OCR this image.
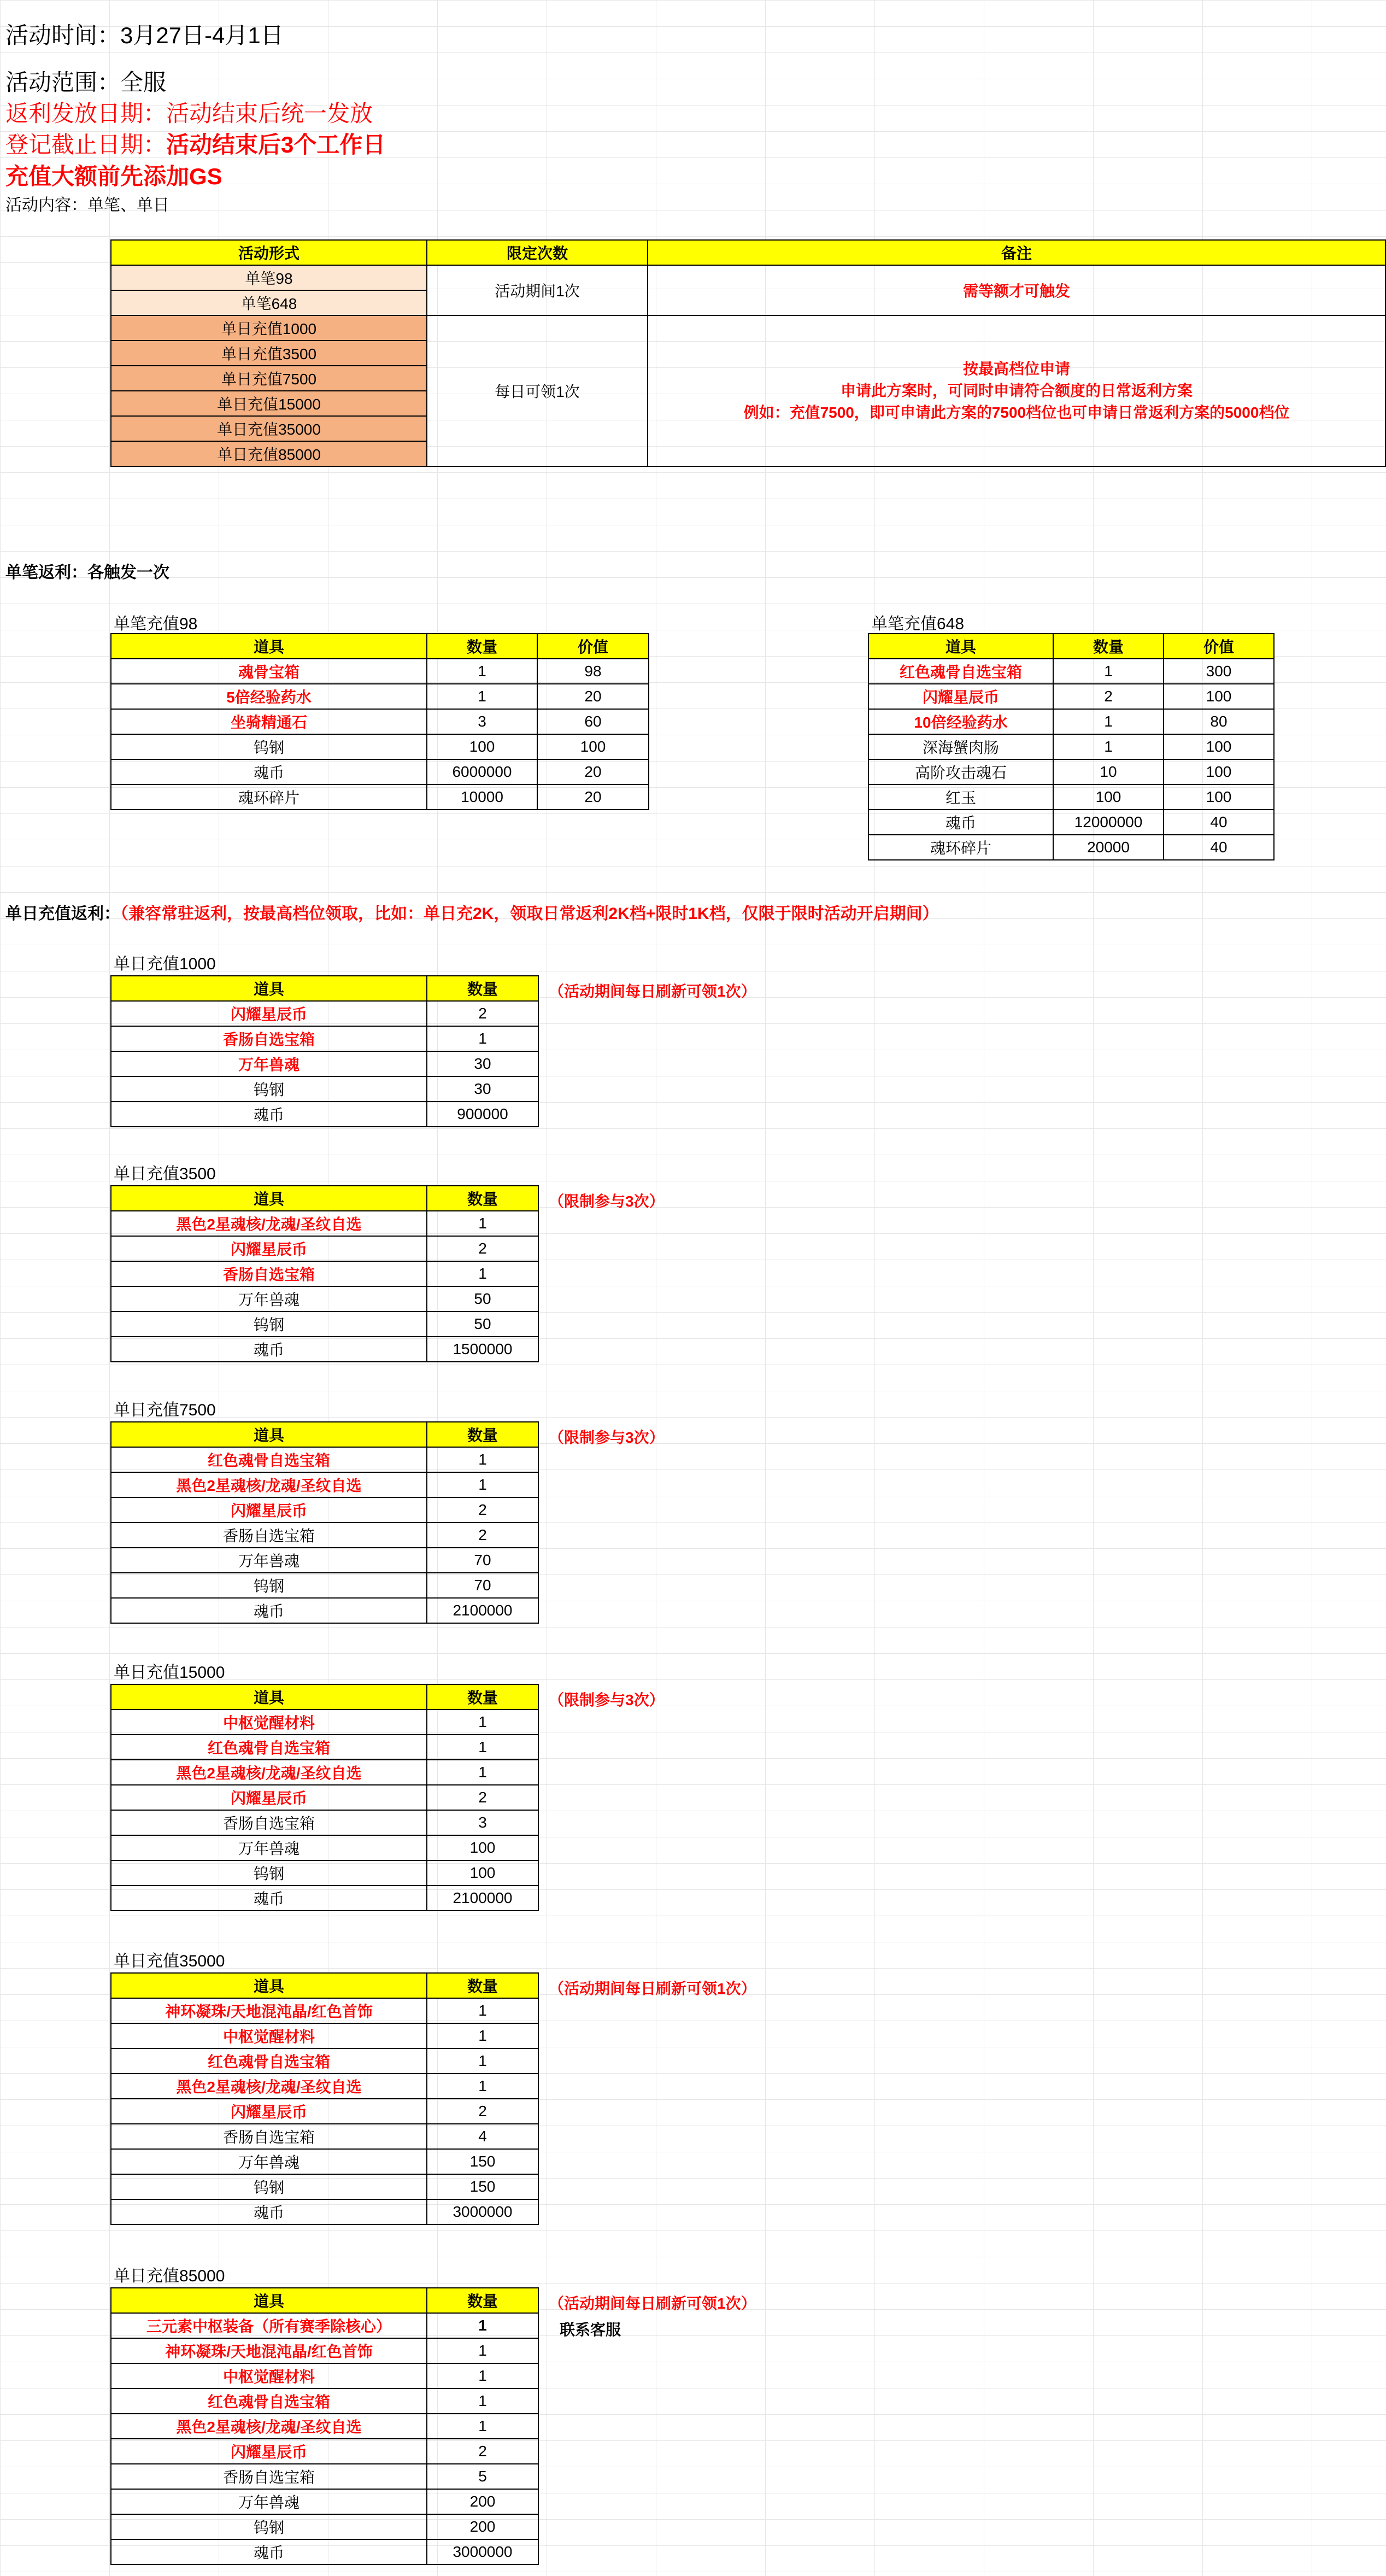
活动时间：3月27日-4月1日
活动范围：全服
返利发放日期：活动结束后统一发放
登记截止日期：活动结束后3个工作日
充值大额前先添加GS
活动内容：单笔、单日
活动形式	限定次数	备注
单笔98	活动期间1次	需等额才可触发
单笔648		
单日充值1000	每日可领1次	按最高档位申请
申请此方案时，可同时申请符合额度的日常返利方案
例如：充值7500，即可申请此方案的7500档位也可申请日常返利方案的5000档位

单日充值3500		
单日充值7500		
单日充值15000		
单日充值35000		
单日充值85000		
单笔返利：各触发一次
单笔充值98
道具	数量	价值
魂骨宝箱	1	98
5倍经验药水	1	20
坐骑精通石	3	60
钨钢	100	100
魂币	6000000	20
魂环碎片	10000	20
单笔充值648
道具	数量	价值
红色魂骨自选宝箱	1	300
闪耀星辰币	2	100
10倍经验药水	1	80
深海蟹肉肠	1	100
高阶攻击魂石	10	100
红玉	100	100
魂币	12000000	40
魂环碎片	20000	40
单日充值返利：（兼容常驻返利，按最高档位领取，比如：单日充2K，领取日常返利2K档+限时1K档，仅限于限时活动开启期间）
单日充值1000
（活动期间每日刷新可领1次）
道具	数量
闪耀星辰币	2
香肠自选宝箱	1
万年兽魂	30
钨钢	30
魂币	900000
单日充值3500
（限制参与3次）
道具	数量
黑色2星魂核/龙魂/圣纹自选	1
闪耀星辰币	2
香肠自选宝箱	1
万年兽魂	50
钨钢	50
魂币	1500000
单日充值7500
（限制参与3次）
道具	数量
红色魂骨自选宝箱	1
黑色2星魂核/龙魂/圣纹自选	1
闪耀星辰币	2
香肠自选宝箱	2
万年兽魂	70
钨钢	70
魂币	2100000
单日充值15000
（限制参与3次）
道具	数量
中枢觉醒材料	1
红色魂骨自选宝箱	1
黑色2星魂核/龙魂/圣纹自选	1
闪耀星辰币	2
香肠自选宝箱	3
万年兽魂	100
钨钢	100
魂币	2100000
单日充值35000
（活动期间每日刷新可领1次）
道具	数量
神环凝珠/天地混沌晶/红色首饰	1
中枢觉醒材料	1
红色魂骨自选宝箱	1
黑色2星魂核/龙魂/圣纹自选	1
闪耀星辰币	2
香肠自选宝箱	4
万年兽魂	150
钨钢	150
魂币	3000000
单日充值85000
（活动期间每日刷新可领1次）
联系客服
道具	数量
三元素中枢装备（所有赛季除核心）	1
神环凝珠/天地混沌晶/红色首饰	1
中枢觉醒材料	1
红色魂骨自选宝箱	1
黑色2星魂核/龙魂/圣纹自选	1
闪耀星辰币	2
香肠自选宝箱	5
万年兽魂	200
钨钢	200
魂币	3000000
